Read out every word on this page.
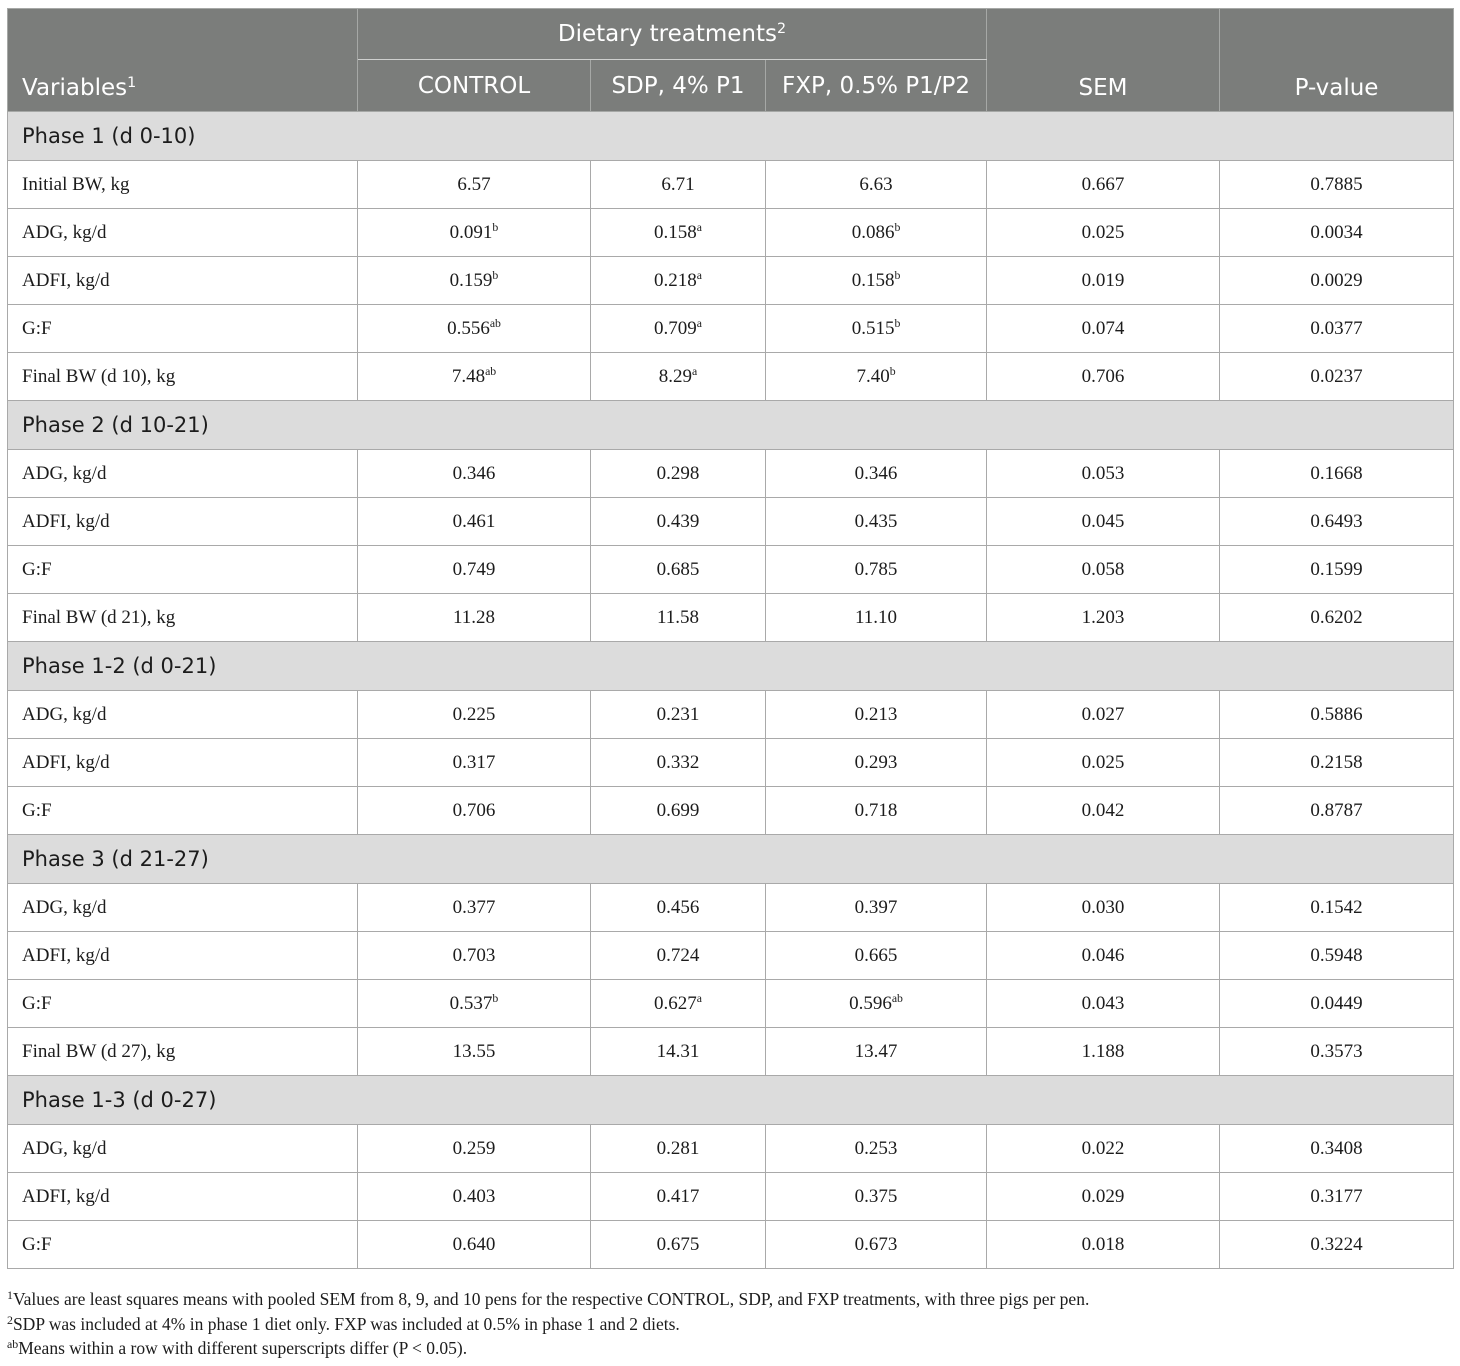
Variables$^1$	Dietary treatments$^2$			SEM	P-value
	CONTROL	SDP, 4% P1	FXP, 0.5% P1/P2		
Phase 1 (d 0-10)					
Initial BW, kg	6.57	6.71	6.63	0.667	0.7885
ADG, kg/d	0.091$^b$	0.158$^a$	0.086$^b$	0.025	0.0034
ADFI, kg/d	0.159$^b$	0.218$^a$	0.158$^b$	0.019	0.0029
G:F	0.556$^{ab}$	0.709$^a$	0.515$^b$	0.074	0.0377
Final BW (d 10), kg	7.48$^{ab}$	8.29$^a$	7.40$^b$	0.706	0.0237
Phase 2 (d 10-21)					
ADG, kg/d	0.346	0.298	0.346	0.053	0.1668
ADFI, kg/d	0.461	0.439	0.435	0.045	0.6493
G:F	0.749	0.685	0.785	0.058	0.1599
Final BW (d 21), kg	11.28	11.58	11.10	1.203	0.6202
Phase 1-2 (d 0-21)					
ADG, kg/d	0.225	0.231	0.213	0.027	0.5886
ADFI, kg/d	0.317	0.332	0.293	0.025	0.2158
G:F	0.706	0.699	0.718	0.042	0.8787
Phase 3 (d 21-27)					
ADG, kg/d	0.377	0.456	0.397	0.030	0.1542
ADFI, kg/d	0.703	0.724	0.665	0.046	0.5948
G:F	0.537$^b$	0.627$^a$	0.596$^{ab}$	0.043	0.0449
Final BW (d 27), kg	13.55	14.31	13.47	1.188	0.3573
Phase 1-3 (d 0-27)					
ADG, kg/d	0.259	0.281	0.253	0.022	0.3408
ADFI, kg/d	0.403	0.417	0.375	0.029	0.3177
G:F	0.640	0.675	0.673	0.018	0.3224

$^1$Values are least squares means with pooled SEM from 8, 9, and 10 pens for the respective CONTROL, SDP, and FXP treatments, with three pigs per pen.

$^2$SDP was included at 4% in phase 1 diet only. FXP was included at 0.5% in phase 1 and 2 diets.

$^{ab}$Means within a row with different superscripts differ (P < 0.05).
